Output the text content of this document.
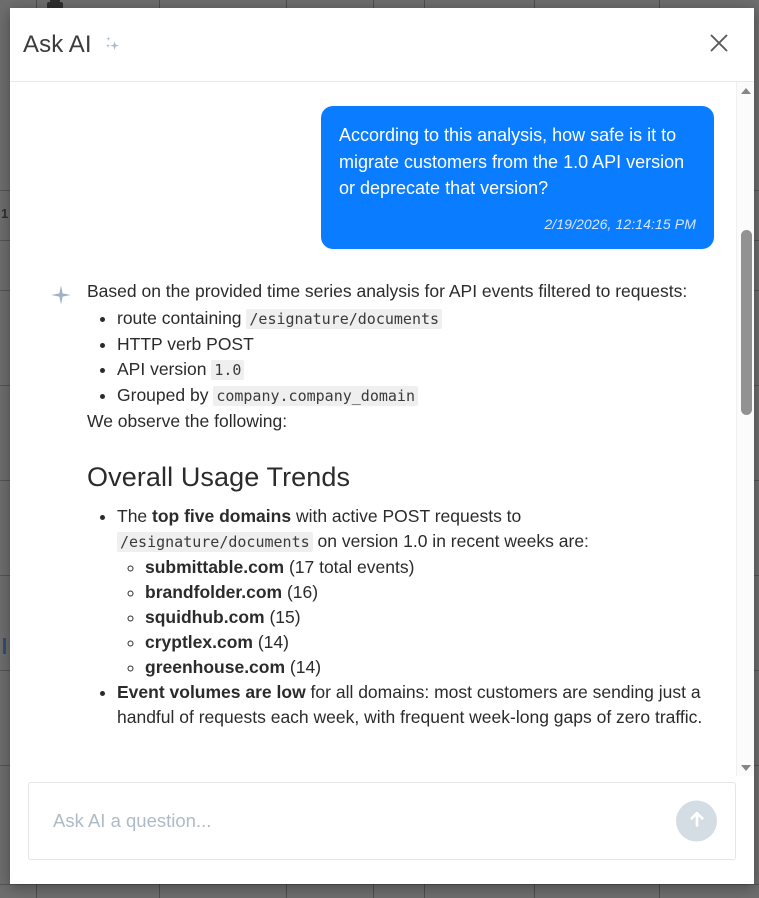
1
Ask AI
According to this analysis, how safe is it to migrate customers from the 1.0 API version or deprecate that version?
2/19/2026, 12:14:15 PM

Based on the provided time series analysis for API events filtered to requests:

• route containing /esignature/documents
• HTTP verb POST
• API version 1.0
• Grouped by company.company_domain

We observe the following:

Overall Usage Trends
• The top five domains with active POST requests to /esignature/documents on version 1.0 in recent weeks are:
◦ submittable.com (17 total events)
◦ brandfolder.com (16)
◦ squidhub.com (15)
◦ cryptlex.com (14)
◦ greenhouse.com (14)
• Event volumes are low for all domains: most customers are sending just a handful of requests each week, with frequent week-long gaps of zero traffic.
Ask AI a question...
